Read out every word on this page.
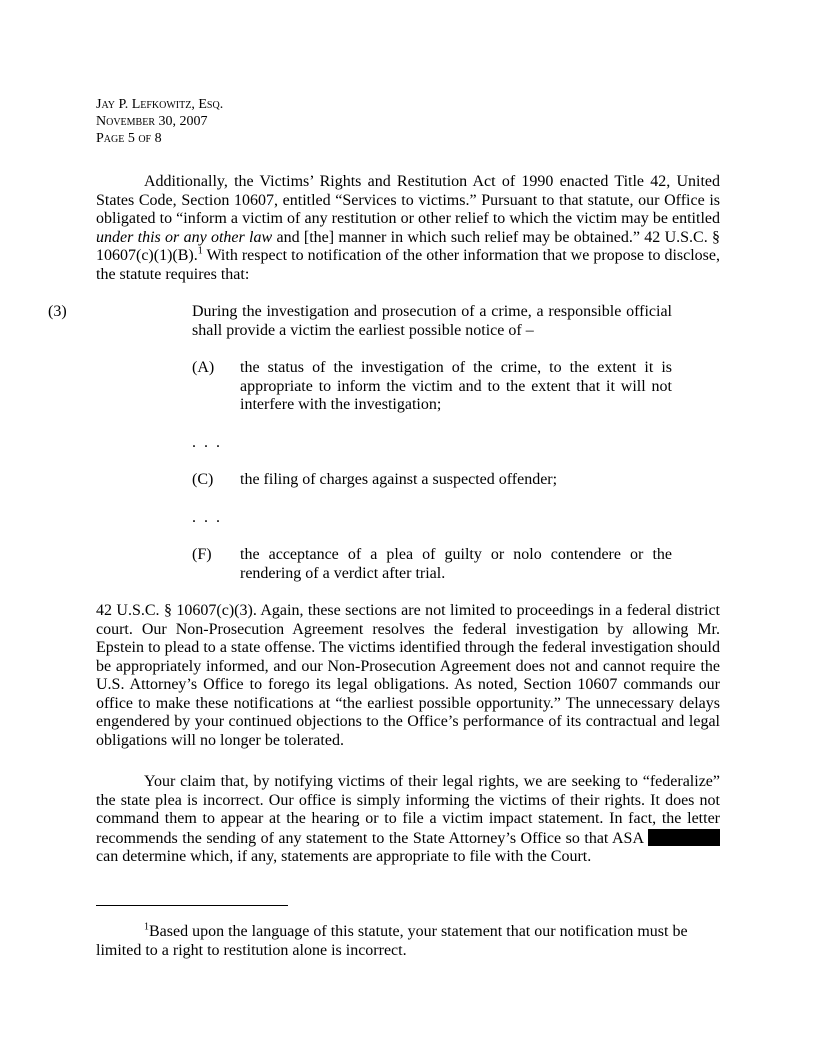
Jay P. Lefkowitz, Esq.
November 30, 2007
Page 5 of 8

Additionally, the Victims’ Rights and Restitution Act of 1990 enacted Title 42, United States Code, Section 10607, entitled “Services to victims.” Pursuant to that statute, our Office is obligated to “inform a victim of any restitution or other relief to which the victim may be entitled under this or any other law and [the] manner in which such relief may be obtained.” 42 U.S.C. § 10607(c)(1)(B).$^1$ With respect to notification of the other information that we propose to disclose, the statute requires that:

(3)	During the investigation and prosecution of a crime, a responsible official shall provide a victim the earliest possible notice of –
(A) the status of the investigation of the crime, to the extent it is appropriate to inform the victim and to the extent that it will not interfere with the investigation;
. . .
(C) the filing of charges against a suspected offender;
. . .
(F) the acceptance of a plea of guilty or nolo contendere or the rendering of a verdict after trial.

42 U.S.C. § 10607(c)(3). Again, these sections are not limited to proceedings in a federal district court. Our Non-Prosecution Agreement resolves the federal investigation by allowing Mr. Epstein to plead to a state offense. The victims identified through the federal investigation should be appropriately informed, and our Non-Prosecution Agreement does not and cannot require the U.S. Attorney’s Office to forego its legal obligations. As noted, Section 10607 commands our office to make these notifications at “the earliest possible opportunity.” The unnecessary delays engendered by your continued objections to the Office’s performance of its contractual and legal obligations will no longer be tolerated.

Your claim that, by notifying victims of their legal rights, we are seeking to “federalize” the state plea is incorrect. Our office is simply informing the victims of their rights. It does not command them to appear at the hearing or to file a victim impact statement. In fact, the letter recommends the sending of any statement to the State Attorney’s Office so that ASA can determine which, if any, statements are appropriate to file with the Court.

$^1$Based upon the language of this statute, your statement that our notification must be limited to a right to restitution alone is incorrect.
